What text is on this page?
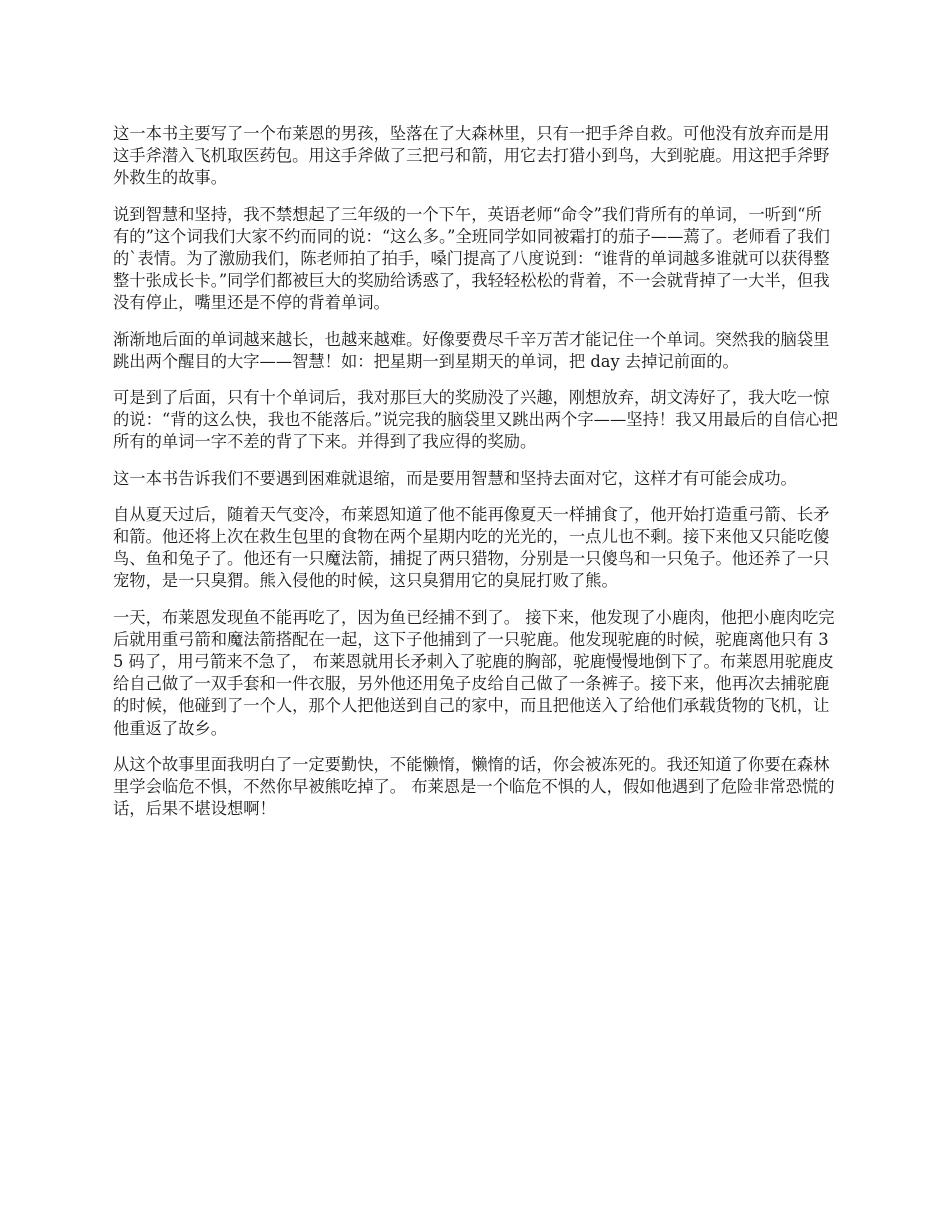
这一本书主要写了一个布莱恩的男孩，坠落在了大森林里，只有一把手斧自救。可他没有放弃而是用这手斧潜入飞机取医药包。用这手斧做了三把弓和箭，用它去打猎小到鸟，大到驼鹿。用这把手斧野外救生的故事。

说到智慧和坚持，我不禁想起了三年级的一个下午，英语老师“命令”我们背所有的单词，一听到“所有的”这个词我们大家不约而同的说：“这么多。”全班同学如同被霜打的茄子——蔫了。老师看了我们的`表情。为了激励我们，陈老师拍了拍手，嗓门提高了八度说到：“谁背的单词越多谁就可以获得整整十张成长卡。”同学们都被巨大的奖励给诱惑了，我轻轻松松的背着，不一会就背掉了一大半，但我没有停止，嘴里还是不停的背着单词。

渐渐地后面的单词越来越长，也越来越难。好像要费尽千辛万苦才能记住一个单词。突然我的脑袋里跳出两个醒目的大字——智慧！如：把星期一到星期天的单词，把 day 去掉记前面的。

可是到了后面，只有十个单词后，我对那巨大的奖励没了兴趣，刚想放弃，胡文涛好了，我大吃一惊的说：“背的这么快，我也不能落后。”说完我的脑袋里又跳出两个字——坚持！我又用最后的自信心把所有的单词一字不差的背了下来。并得到了我应得的奖励。

这一本书告诉我们不要遇到困难就退缩，而是要用智慧和坚持去面对它，这样才有可能会成功。

自从夏天过后，随着天气变冷，布莱恩知道了他不能再像夏天一样捕食了，他开始打造重弓箭、长矛和箭。他还将上次在救生包里的食物在两个星期内吃的光光的，一点儿也不剩。接下来他又只能吃傻鸟、鱼和兔子了。他还有一只魔法箭，捕捉了两只猎物，分别是一只傻鸟和一只兔子。他还养了一只宠物，是一只臭猬。熊入侵他的时候，这只臭猬用它的臭屁打败了熊。

一天，布莱恩发现鱼不能再吃了，因为鱼已经捕不到了。 接下来，他发现了小鹿肉，他把小鹿肉吃完后就用重弓箭和魔法箭搭配在一起，这下子他捕到了一只驼鹿。他发现驼鹿的时候，驼鹿离他只有 35 码了，用弓箭来不急了， 布莱恩就用长矛刺入了驼鹿的胸部，驼鹿慢慢地倒下了。布莱恩用驼鹿皮给自己做了一双手套和一件衣服，另外他还用兔子皮给自己做了一条裤子。接下来，他再次去捕驼鹿的时候，他碰到了一个人，那个人把他送到自己的家中，而且把他送入了给他们承载货物的飞机，让他重返了故乡。

从这个故事里面我明白了一定要勤快，不能懒惰，懒惰的话，你会被冻死的。我还知道了你要在森林里学会临危不惧，不然你早被熊吃掉了。 布莱恩是一个临危不惧的人，假如他遇到了危险非常恐慌的话，后果不堪设想啊！
